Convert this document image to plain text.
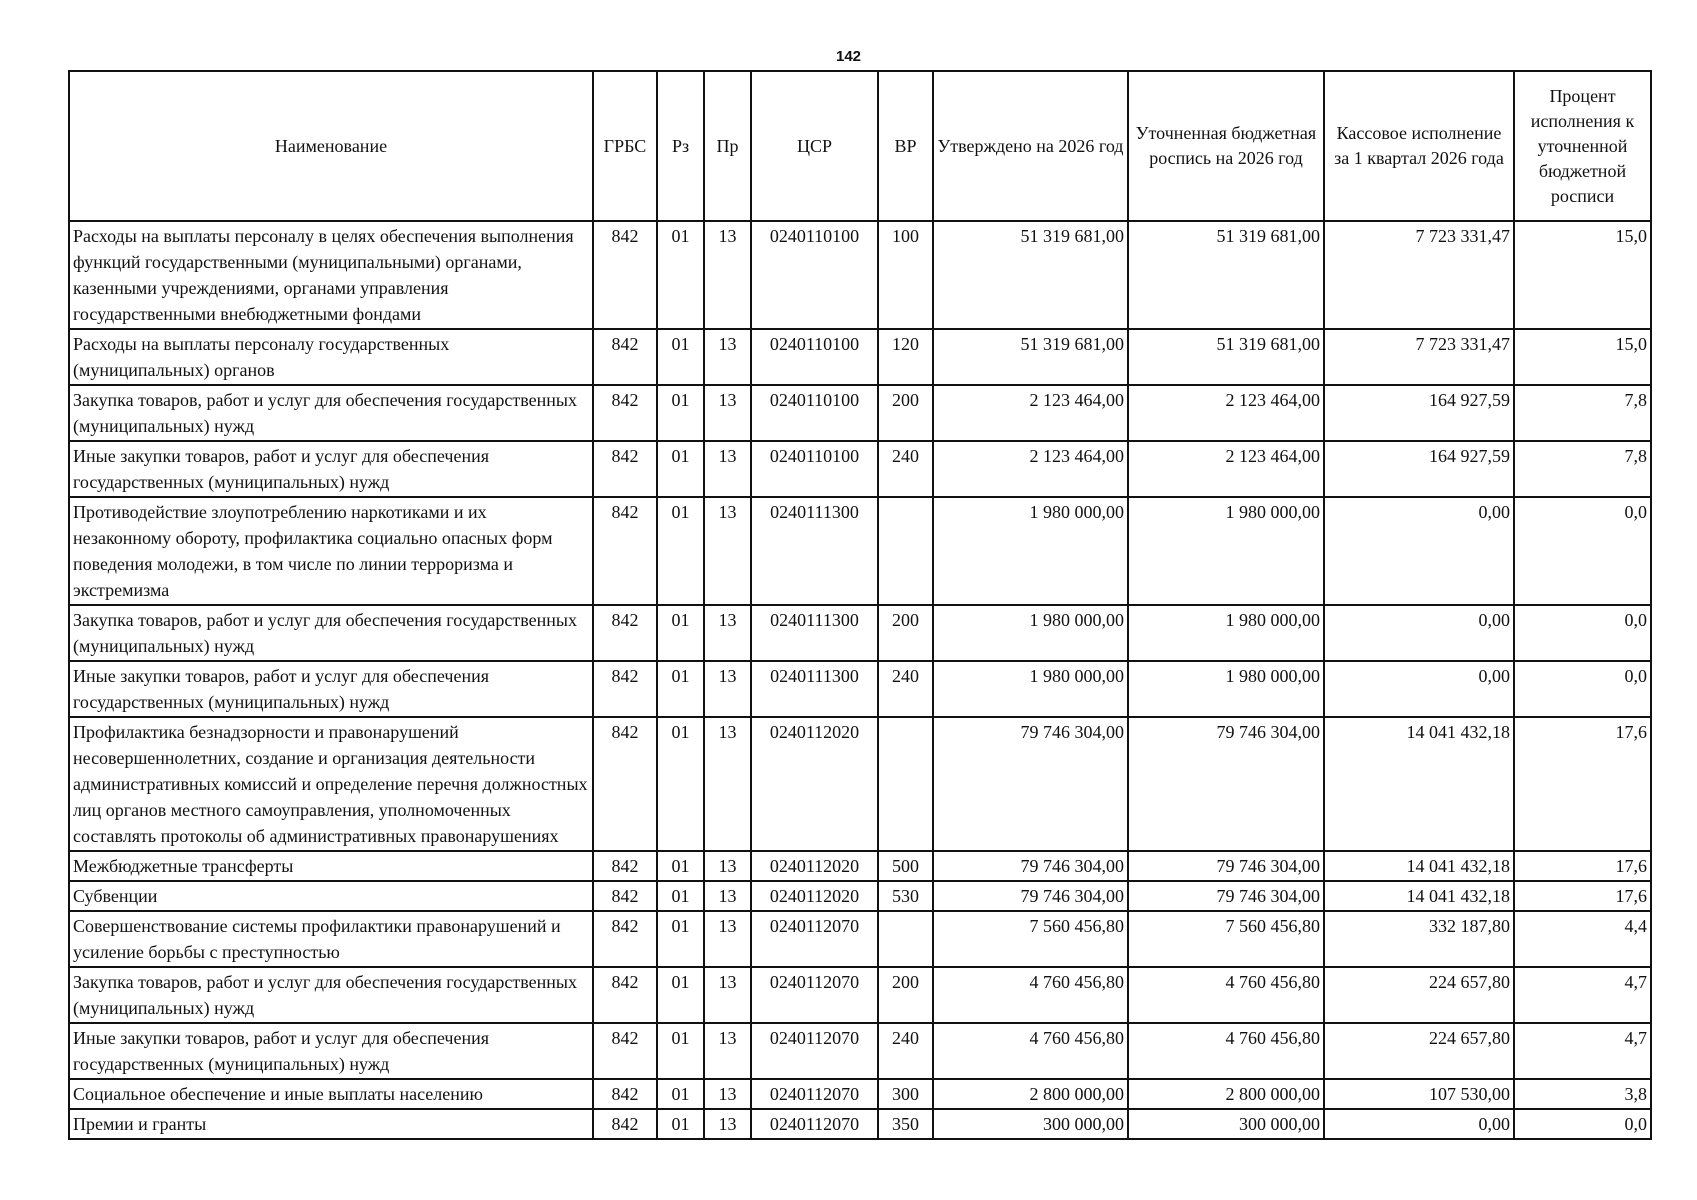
142
Наименование	ГРБС	Рз	Пр	ЦСР	ВР	Утверждено на 2026 год	Уточненная бюджетная роспись на 2026 год	Кассовое исполнение за 1 квартал 2026 года	Процент исполнения к уточненной бюджетной росписи
Расходы на выплаты персоналу в целях обеспечения выполнения функций государственными (муниципальными) органами, казенными учреждениями, органами управления государственными внебюджетными фондами	842	01	13	0240110100	100	51 319 681,00	51 319 681,00	7 723 331,47	15,0
Расходы на выплаты персоналу государственных (муниципальных) органов	842	01	13	0240110100	120	51 319 681,00	51 319 681,00	7 723 331,47	15,0
Закупка товаров, работ и услуг для обеспечения государственных (муниципальных) нужд	842	01	13	0240110100	200	2 123 464,00	2 123 464,00	164 927,59	7,8
Иные закупки товаров, работ и услуг для обеспечения государственных (муниципальных) нужд	842	01	13	0240110100	240	2 123 464,00	2 123 464,00	164 927,59	7,8
Противодействие злоупотреблению наркотиками и их незаконному обороту, профилактика социально опасных форм поведения молодежи, в том числе по линии терроризма и экстремизма	842	01	13	0240111300		1 980 000,00	1 980 000,00	0,00	0,0
Закупка товаров, работ и услуг для обеспечения государственных (муниципальных) нужд	842	01	13	0240111300	200	1 980 000,00	1 980 000,00	0,00	0,0
Иные закупки товаров, работ и услуг для обеспечения государственных (муниципальных) нужд	842	01	13	0240111300	240	1 980 000,00	1 980 000,00	0,00	0,0
Профилактика безнадзорности и правонарушений несовершеннолетних, создание и организация деятельности административных комиссий и определение перечня должностных лиц органов местного самоуправления, уполномоченных составлять протоколы об административных правонарушениях	842	01	13	0240112020		79 746 304,00	79 746 304,00	14 041 432,18	17,6
Межбюджетные трансферты	842	01	13	0240112020	500	79 746 304,00	79 746 304,00	14 041 432,18	17,6
Субвенции	842	01	13	0240112020	530	79 746 304,00	79 746 304,00	14 041 432,18	17,6
Совершенствование системы профилактики правонарушений и усиление борьбы с преступностью	842	01	13	0240112070		7 560 456,80	7 560 456,80	332 187,80	4,4
Закупка товаров, работ и услуг для обеспечения государственных (муниципальных) нужд	842	01	13	0240112070	200	4 760 456,80	4 760 456,80	224 657,80	4,7
Иные закупки товаров, работ и услуг для обеспечения государственных (муниципальных) нужд	842	01	13	0240112070	240	4 760 456,80	4 760 456,80	224 657,80	4,7
Социальное обеспечение и иные выплаты населению	842	01	13	0240112070	300	2 800 000,00	2 800 000,00	107 530,00	3,8
Премии и гранты	842	01	13	0240112070	350	300 000,00	300 000,00	0,00	0,0
